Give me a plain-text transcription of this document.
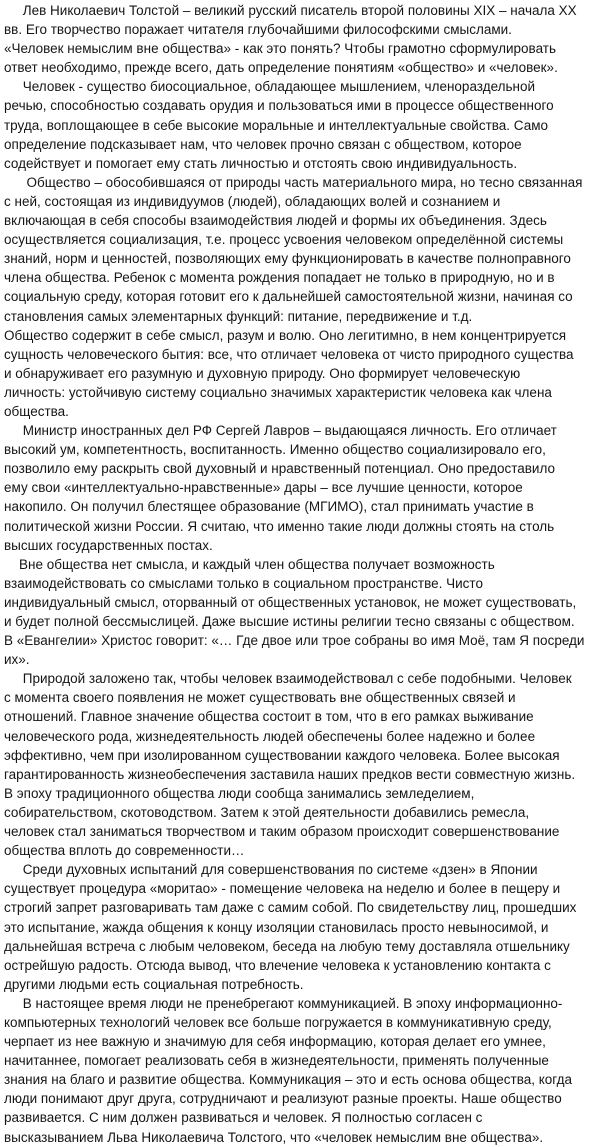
Лев Николаевич Толстой – великий русский писатель второй половины XIX – начала XX
вв. Его творчество поражает читателя глубочайшими философскими смыслами.
«Человек немыслим вне общества» - как это понять? Чтобы грамотно сформулировать
ответ необходимо, прежде всего, дать определение понятиям «общество» и «человек».
Человек - существо биосоциальное, обладающее мышлением, членораздельной
речью, способностью создавать орудия и пользоваться ими в процессе общественного
труда, воплощающее в себе высокие моральные и интеллектуальные свойства. Само
определение подсказывает нам, что человек прочно связан с обществом, которое
содействует и помогает ему стать личностью и отстоять свою индивидуальность.
Общество – обособившаяся от природы часть материального мира, но тесно связанная
с ней, состоящая из индивидуумов (людей), обладающих волей и сознанием и
включающая в себя способы взаимодействия людей и формы их объединения. Здесь
осуществляется социализация, т.е. процесс усвоения человеком определённой системы
знаний, норм и ценностей, позволяющих ему функционировать в качестве полноправного
члена общества. Ребенок с момента рождения попадает не только в природную, но и в
социальную среду, которая готовит его к дальнейшей самостоятельной жизни, начиная со
становления самых элементарных функций: питание, передвижение и т.д.
Общество содержит в себе смысл, разум и волю. Оно легитимно, в нем концентрируется
сущность человеческого бытия: все, что отличает человека от чисто природного существа
и обнаруживает его разумную и духовную природу. Оно формирует человеческую
личность: устойчивую систему социально значимых характеристик человека как члена
общества.
Министр иностранных дел РФ Сергей Лавров – выдающаяся личность. Его отличает
высокий ум, компетентность, воспитанность. Именно общество социализировало его,
позволило ему раскрыть свой духовный и нравственный потенциал. Оно предоставило
ему свои «интеллектуально-нравственные» дары – все лучшие ценности, которое
накопило. Он получил блестящее образование (МГИМО), стал принимать участие в
политической жизни России. Я считаю, что именно такие люди должны стоять на столь
высших государственных постах.
Вне общества нет смысла, и каждый член общества получает возможность
взаимодействовать со смыслами только в социальном пространстве. Чисто
индивидуальный смысл, оторванный от общественных установок, не может существовать,
и будет полной бессмыслицей. Даже высшие истины религии тесно связаны с обществом.
В «Евангелии» Христос говорит: «… Где двое или трое собраны во имя Моё, там Я посреди
их».
Природой заложено так, чтобы человек взаимодействовал с себе подобными. Человек
с момента своего появления не может существовать вне общественных связей и
отношений. Главное значение общества состоит в том, что в его рамках выживание
человеческого рода, жизнедеятельность людей обеспечены более надежно и более
эффективно, чем при изолированном существовании каждого человека. Более высокая
гарантированность жизнеобеспечения заставила наших предков вести совместную жизнь.
В эпоху традиционного общества люди сообща занимались земледелием,
собирательством, скотоводством. Затем к этой деятельности добавились ремесла,
человек стал заниматься творчеством и таким образом происходит совершенствование
общества вплоть до современности…
Среди духовных испытаний для совершенствования по системе «дзен» в Японии
существует процедура «моритао» - помещение человека на неделю и более в пещеру и
строгий запрет разговаривать там даже с самим собой. По свидетельству лиц, прошедших
это испытание, жажда общения к концу изоляции становилась просто невыносимой, и
дальнейшая встреча с любым человеком, беседа на любую тему доставляла отшельнику
острейшую радость. Отсюда вывод, что влечение человека к установлению контакта с
другими людьми есть социальная потребность.
В настоящее время люди не пренебрегают коммуникацией. В эпоху информационно-
компьютерных технологий человек все больше погружается в коммуникативную среду,
черпает из нее важную и значимую для себя информацию, которая делает его умнее,
начитаннее, помогает реализовать себя в жизнедеятельности, применять полученные
знания на благо и развитие общества. Коммуникация – это и есть основа общества, когда
люди понимают друг друга, сотрудничают и реализуют разные проекты. Наше общество
развивается. С ним должен развиваться и человек. Я полностью согласен с
высказыванием Льва Николаевича Толстого, что «человек немыслим вне общества».
